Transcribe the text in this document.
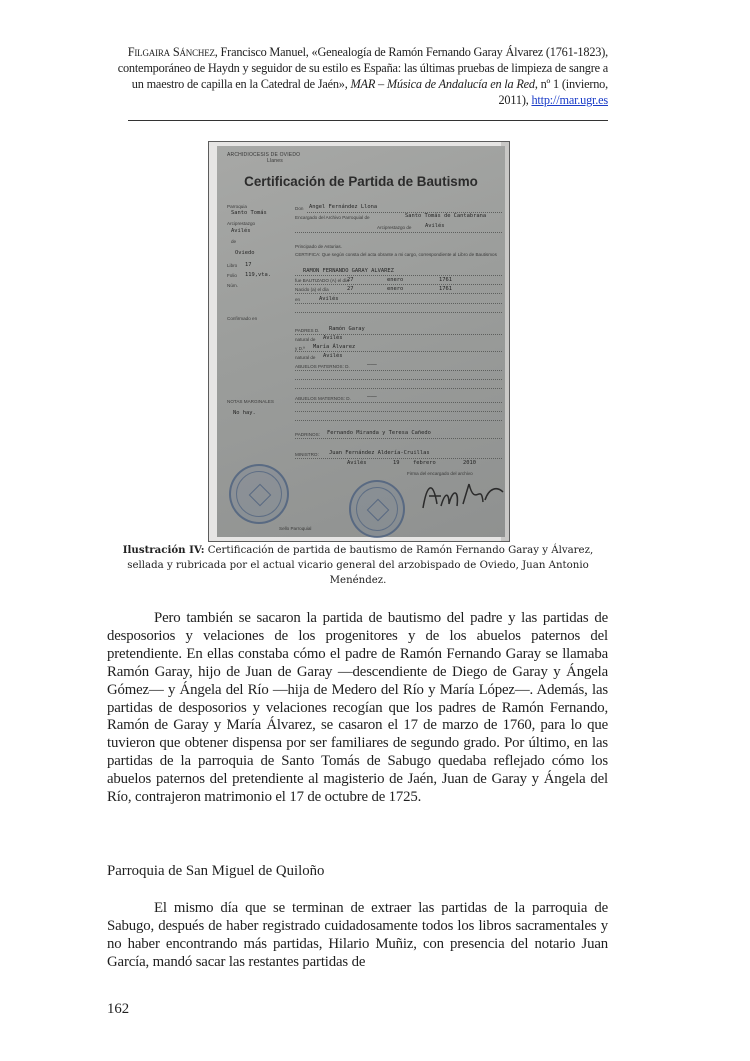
Filgaira Sánchez, Francisco Manuel, «Genealogía de Ramón Fernando Garay Álvarez (1761-1823), contemporáneo de Haydn y seguidor de su estilo es España: las últimas pruebas de limpieza de sangre a un maestro de capilla en la Catedral de Jaén», MAR – Música de Andalucía en la Red, nº 1 (invierno, 2011), http://mar.ugr.es
ARCHIDIOCESIS DE OVIEDO
Llanes
Certificación de Partida de Bautismo
Parroquia
Santo Tomás
Arciprestazgo
Avilés
de
Oviedo
Libro 17
Folio 119,vta.
Núm.
Confirmado en
NOTAS MARGINALES
No hay.
Don Angel Fernández Llona
Encargado del Archivo Parroquial de	Santo Tomás de Cantabrana
Arciprestazgo de	Avilés
Principado de Asturias.
CERTIFICA: Que según consta del acta obrante a mi cargo, correspondiente al Libro de Bautismos
RAMON FERNANDO GARAY ALVAREZ
fue BAUTIZADO (A) el día
27	enero	1761
Nacido (a) el día	27	enero	1761
en	Avilés
PADRES D. Ramón Garay
natural de Avilés
y D.ª María Álvarez
natural de Avilés
ABUELOS PATERNOS: D.	———
ABUELOS MATERNOS: D.	———
PADRINOS: Fernando Miranda y Teresa Cañedo
MINISTRO: Juan Fernández Aldería-Cruillas
Avilés	19	febrero	2010
Firma del encargado del archivo
Sello Parroquial
Ilustración IV: Certificación de partida de bautismo de Ramón Fernando Garay y Álvarez, sellada y rubricada por el actual vicario general del arzobispado de Oviedo, Juan Antonio Menéndez.

Pero también se sacaron la partida de bautismo del padre y las partidas de desposorios y velaciones de los progenitores y de los abuelos paternos del pretendiente. En ellas constaba cómo el padre de Ramón Fernando Garay se llamaba Ramón Garay, hijo de Juan de Garay —descendiente de Diego de Garay y Ángela Gómez— y Ángela del Río —hija de Medero del Río y María López—. Además, las partidas de desposorios y velaciones recogían que los padres de Ramón Fernando, Ramón de Garay y María Álvarez, se casaron el 17 de marzo de 1760, para lo que tuvieron que obtener dispensa por ser familiares de segundo grado. Por último, en las partidas de la parroquia de Santo Tomás de Sabugo quedaba reflejado cómo los abuelos paternos del pretendiente al magisterio de Jaén, Juan de Garay y Ángela del Río, contrajeron matrimonio el 17 de octubre de 1725.

Parroquia de San Miguel de Quiloño

El mismo día que se terminan de extraer las partidas de la parroquia de Sabugo, después de haber registrado cuidadosamente todos los libros sacramentales y no haber encontrando más partidas, Hilario Muñiz, con presencia del notario Juan García, mandó sacar las restantes partidas de

162
